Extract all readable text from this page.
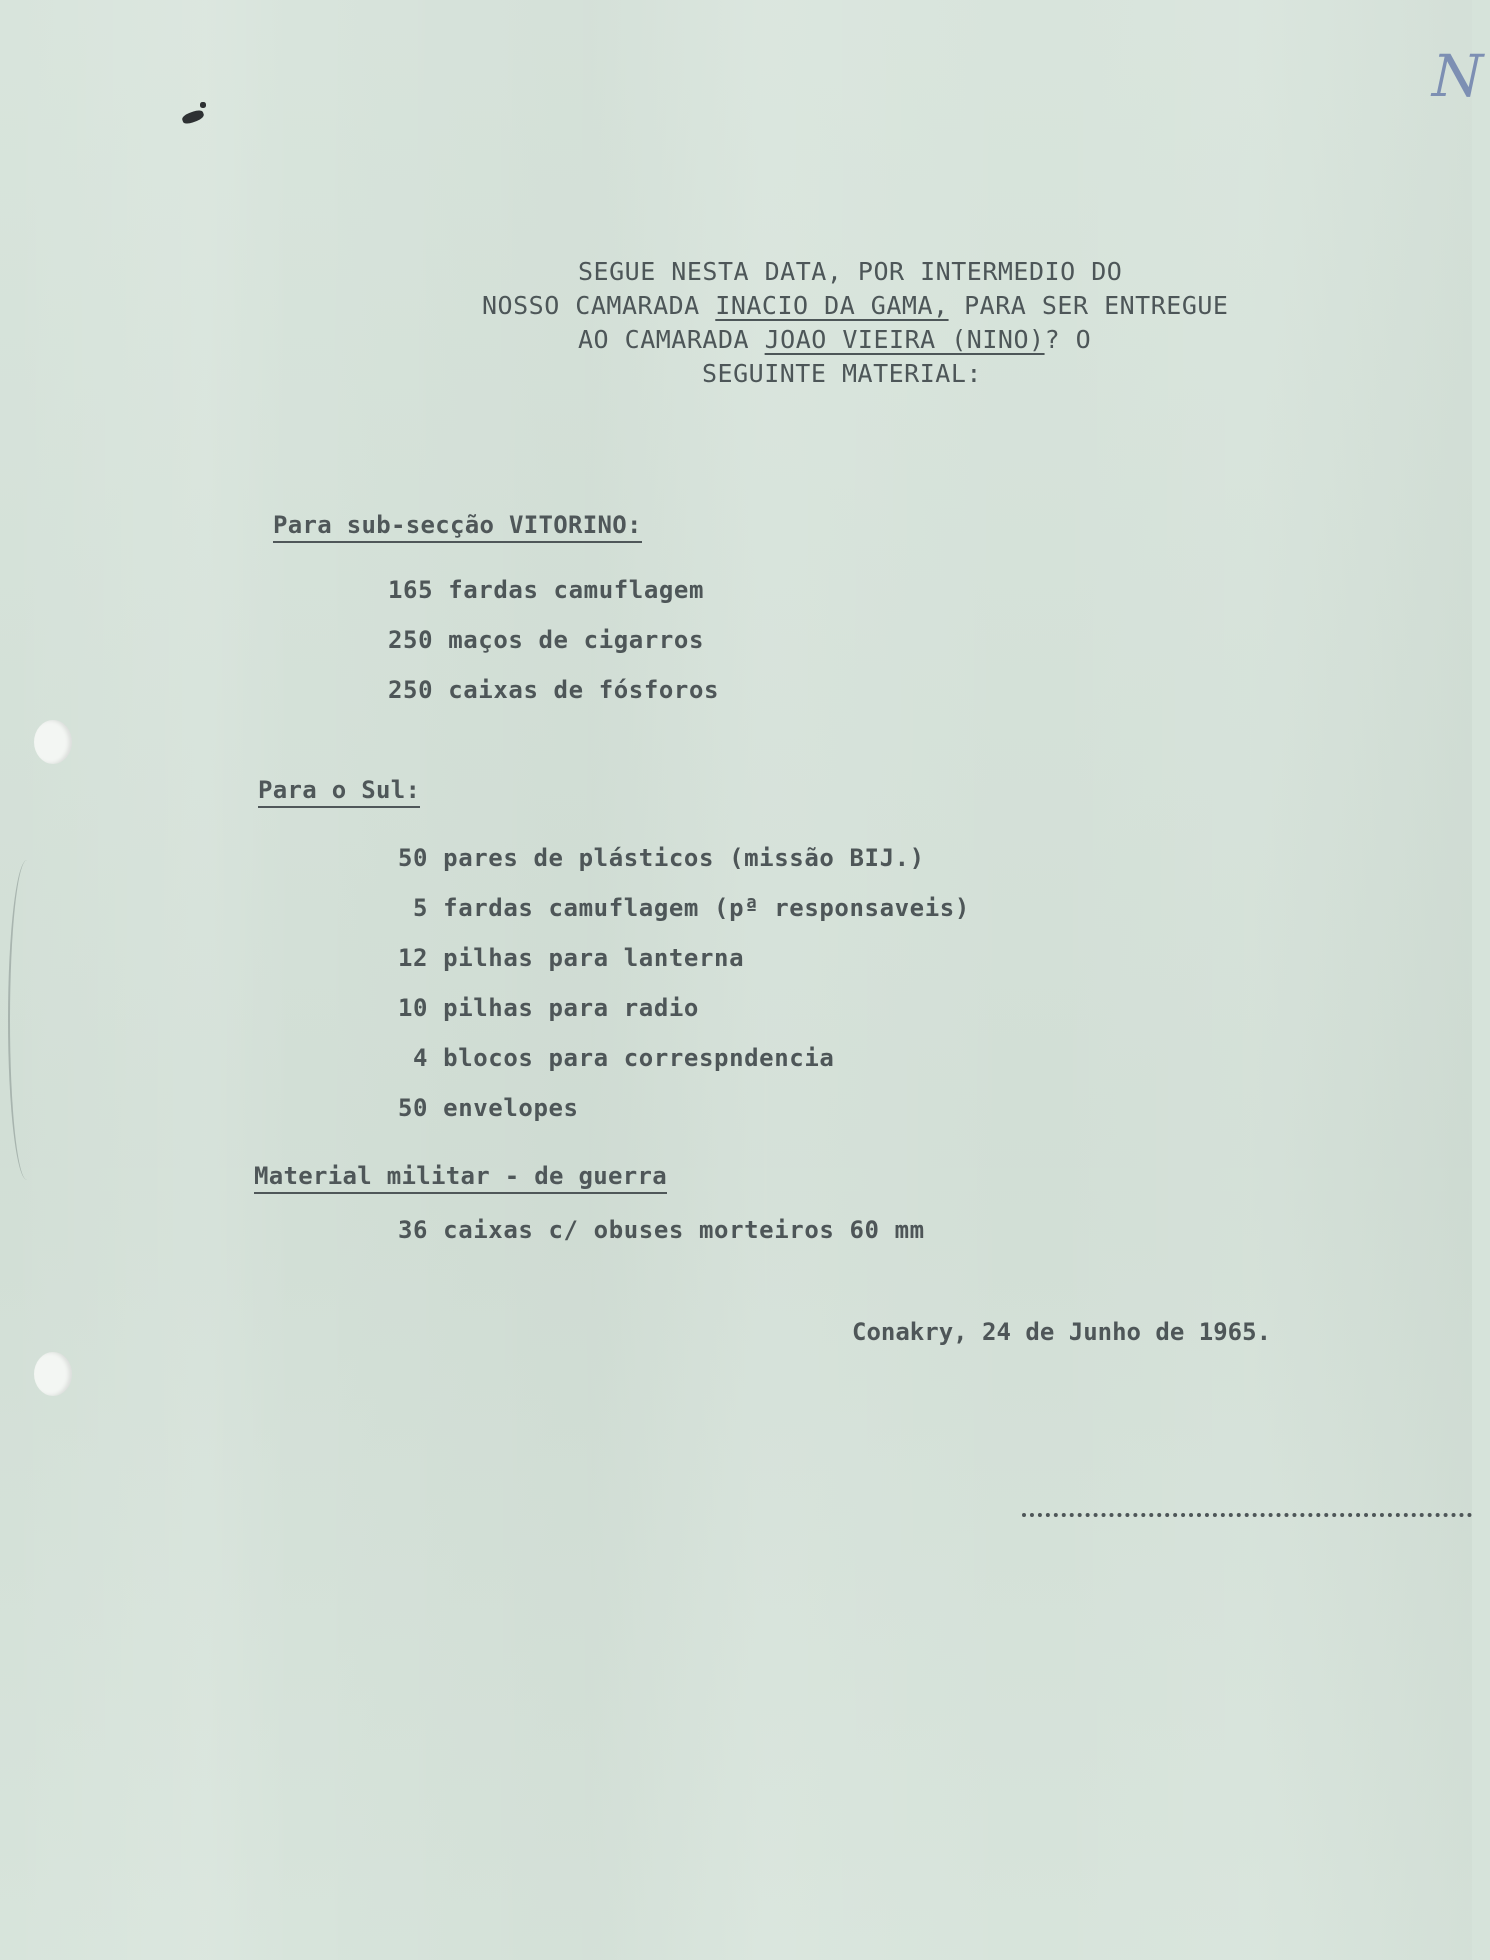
N
SEGUE NESTA DATA, POR INTERMEDIO DO
NOSSO CAMARADA INACIO DA GAMA, PARA SER ENTREGUE
AO CAMARADA JOAO VIEIRA (NINO)? O
SEGUINTE MATERIAL:
Para sub-secção VITORINO:
165 fardas camuflagem
250 maços de cigarros
250 caixas de fósforos
Para o Sul:
50 pares de plásticos (missão BIJ.)
5 fardas camuflagem (pª responsaveis)
12 pilhas para lanterna
10 pilhas para radio
4 blocos para correspndencia
50 envelopes
Material militar - de guerra
36 caixas c/ obuses morteiros 60 mm
Conakry, 24 de Junho de 1965.
